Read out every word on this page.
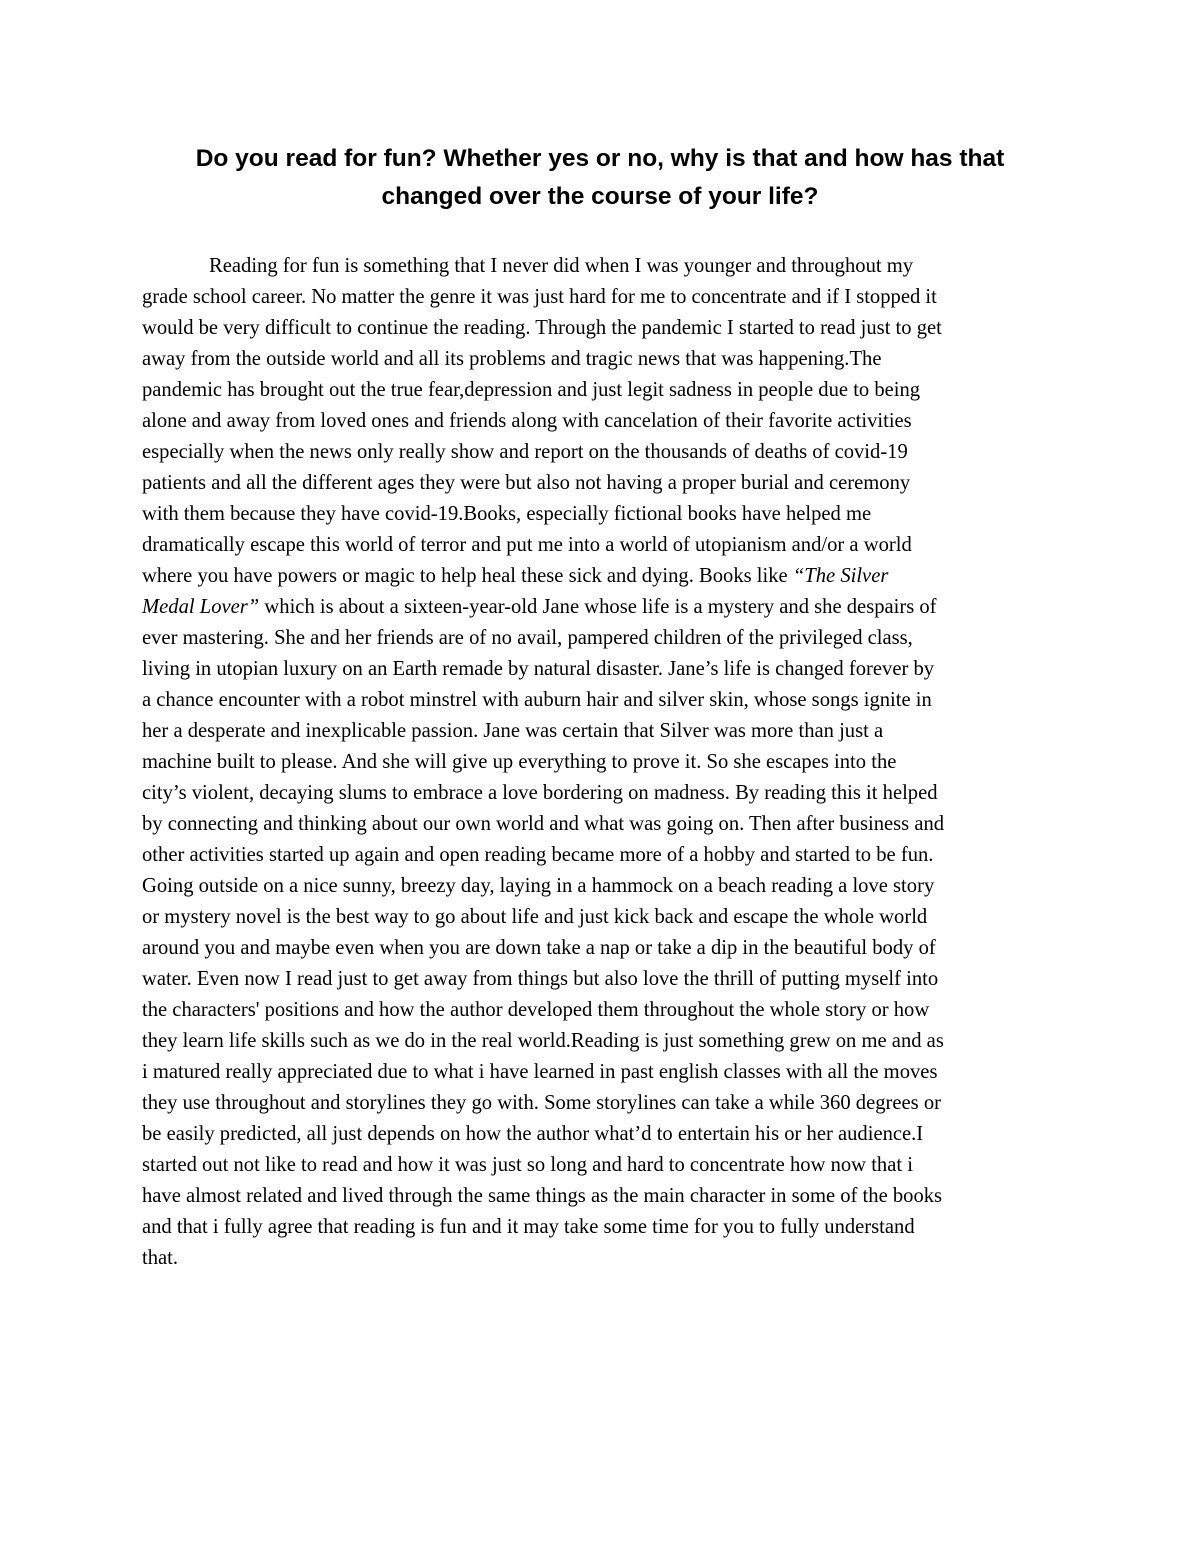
Do you read for fun? Whether yes or no, why is that and how has that
changed over the course of your life?
Reading for fun is something that I never did when I was younger and throughout my
grade school career. No matter the genre it was just hard for me to concentrate and if I stopped it
would be very difficult to continue the reading. Through the pandemic I started to read just to get
away from the outside world and all its problems and tragic news that was happening.The
pandemic has brought out the true fear,depression and just legit sadness in people due to being
alone and away from loved ones and friends along with cancelation of their favorite activities
especially when the news only really show and report on the thousands of deaths of covid-19
patients and all the different ages they were but also not having a proper burial and ceremony
with them because they have covid-19.Books, especially fictional books have helped me
dramatically escape this world of terror and put me into a world of utopianism and/or a world
where you have powers or magic to help heal these sick and dying. Books like “The Silver
Medal Lover” which is about a sixteen-year-old Jane whose life is a mystery and she despairs of
ever mastering. She and her friends are of no avail, pampered children of the privileged class,
living in utopian luxury on an Earth remade by natural disaster. Jane’s life is changed forever by
a chance encounter with a robot minstrel with auburn hair and silver skin, whose songs ignite in
her a desperate and inexplicable passion. Jane was certain that Silver was more than just a
machine built to please. And she will give up everything to prove it. So she escapes into the
city’s violent, decaying slums to embrace a love bordering on madness. By reading this it helped
by connecting and thinking about our own world and what was going on. Then after business and
other activities started up again and open reading became more of a hobby and started to be fun.
Going outside on a nice sunny, breezy day, laying in a hammock on a beach reading a love story
or mystery novel is the best way to go about life and just kick back and escape the whole world
around you and maybe even when you are down take a nap or take a dip in the beautiful body of
water. Even now I read just to get away from things but also love the thrill of putting myself into
the characters' positions and how the author developed them throughout the whole story or how
they learn life skills such as we do in the real world.Reading is just something grew on me and as
i matured really appreciated due to what i have learned in past english classes with all the moves
they use throughout and storylines they go with. Some storylines can take a while 360 degrees or
be easily predicted, all just depends on how the author what’d to entertain his or her audience.I
started out not like to read and how it was just so long and hard to concentrate how now that i
have almost related and lived through the same things as the main character in some of the books
and that i fully agree that reading is fun and it may take some time for you to fully understand
that.
